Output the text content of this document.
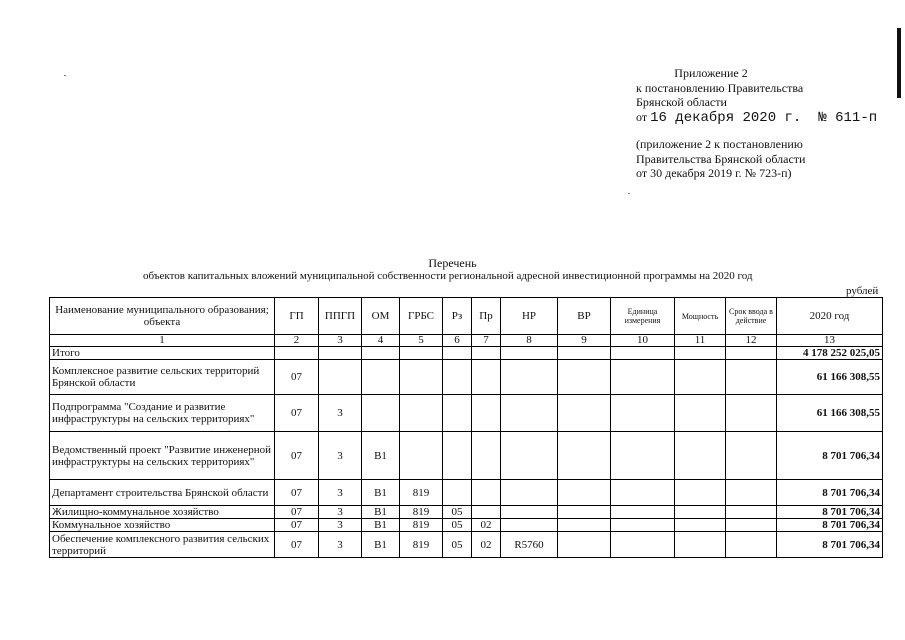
Приложение 2
к постановлению Правительства
Брянской области
от 16 декабря 2020 г. № 611-п
(приложение 2 к постановлению
Правительства Брянской области
от 30 декабря 2019 г. № 723-п)
Перечень
объектов капитальных вложений муниципальной собственности региональной адресной инвестиционной программы на 2020 год
рублей
Наименование муниципального образования; объекта	ГП	ППГП	ОМ	ГРБС	Рз	Пр	НР	ВР	Единица измерения	Мощность	Срок ввода в действие	2020 год
1	2	3	4	5	6	7	8	9	10	11	12	13
Итого												4 178 252 025,05
Комплексное развитие сельских территорий Брянской области	07											61 166 308,55
Подпрограмма "Создание и развитие инфраструктуры на сельских территориях"	07	3										61 166 308,55
Ведомственный проект "Развитие инженерной инфраструктуры на сельских территориях"	07	3	В1									8 701 706,34
Департамент строительства Брянской области	07	3	В1	819								8 701 706,34
Жилищно-коммунальное хозяйство	07	3	В1	819	05							8 701 706,34
Коммунальное хозяйство	07	3	В1	819	05	02						8 701 706,34
Обеспечение комплексного развития сельских территорий	07	3	В1	819	05	02	R5760					8 701 706,34
